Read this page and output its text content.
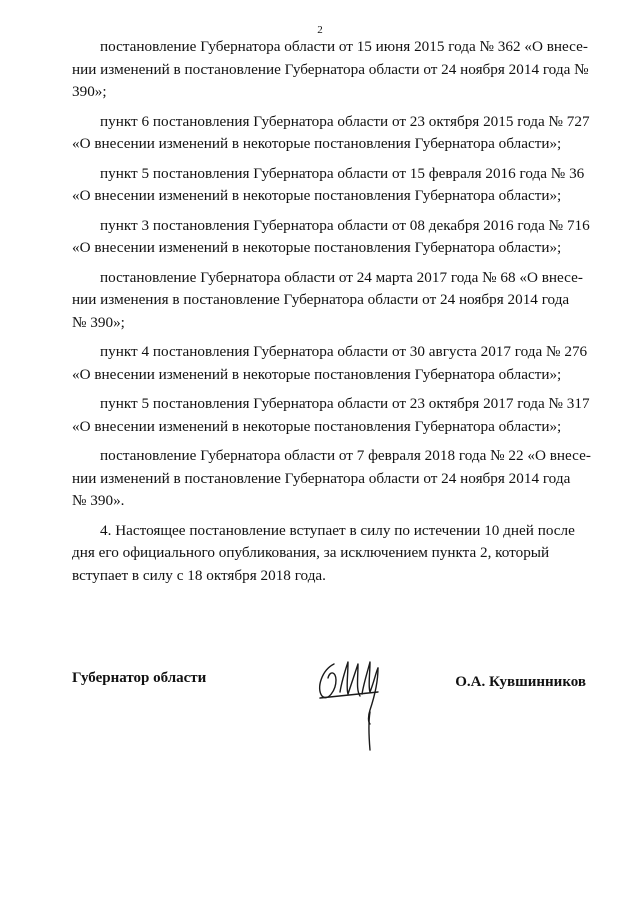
2

постановление Губернатора области от 15 июня 2015 года № 362 «О внесе-
нии изменений в постановление Губернатора области от 24 ноября 2014 года №
390»;

пункт 6 постановления Губернатора области от 23 октября 2015 года № 727
«О внесении изменений в некоторые постановления Губернатора области»;

пункт 5 постановления Губернатора области от 15 февраля 2016 года № 36
«О внесении изменений в некоторые постановления Губернатора области»;

пункт 3 постановления Губернатора области от 08 декабря 2016 года № 716
«О внесении изменений в некоторые постановления Губернатора области»;

постановление Губернатора области от 24 марта 2017 года № 68 «О внесе-
нии изменения в постановление Губернатора области от 24 ноября 2014 года
№ 390»;

пункт 4 постановления Губернатора области от 30 августа 2017 года № 276
«О внесении изменений в некоторые постановления Губернатора области»;

пункт 5 постановления Губернатора области от 23 октября 2017 года № 317
«О внесении изменений в некоторые постановления Губернатора области»;

постановление Губернатора области от 7 февраля 2018 года № 22 «О внесе-
нии изменений в постановление Губернатора области от 24 ноября 2014 года
№ 390».

4. Настоящее постановление вступает в силу по истечении 10 дней после
дня его официального опубликования, за исключением пункта 2, который
вступает в силу с 18 октября 2018 года.

Губернатор области	О.А. Кувшинников
